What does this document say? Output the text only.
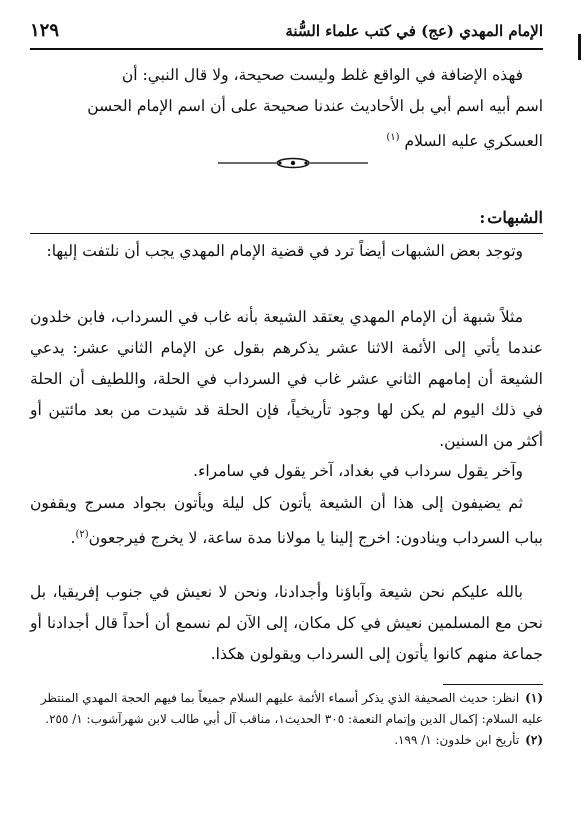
الإمام المهدي (عج) في كتب علماء السُّنة
١٢٩

فهذه الإضافة في الواقع غلط وليست صحيحة، ولا قال النبي: أن

اسم أبيه اسم أبي بل الأحاديث عندنا صحيحة على أن اسم الإمام الحسن

العسكري عليه السلام $^{(١)}$

الشبهات:

وتوجد بعض الشبهات أيضاً ترد في قضية الإمام المهدي يجب أن نلتفت إليها:

مثلاً شبهة أن الإمام المهدي يعتقد الشيعة بأنه غاب في السرداب، فابن خلدون عندما يأتي إلى الأئمة الاثنا عشر يذكرهم بقول عن الإمام الثاني عشر: يدعي الشيعة أن إمامهم الثاني عشر غاب في السرداب في الحلة، واللطيف أن الحلة في ذلك اليوم لم يكن لها وجود تأريخياً، فإن الحلة قد شيدت من بعد مائتين أو أكثر من السنين.

وآخر يقول سرداب في بغداد، آخر يقول في سامراء.

ثم يضيفون إلى هذا أن الشيعة يأتون كل ليلة ويأتون بجواد مسرج ويقفون بباب السرداب وينادون: اخرج إلينا يا مولانا مدة ساعة، لا يخرج فيرجعون$^{(٢)}$.

بالله عليكم نحن شيعة وآباؤنا وأجدادنا، ونحن لا نعيش في جنوب إفريقيا، بل نحن مع المسلمين نعيش في كل مكان، إلى الآن لم نسمع أن أحداً قال أجدادنا أو جماعة منهم كانوا يأتون إلى السرداب ويقولون هكذا.

(١)انظر: حديث الصحيفة الذي يذكر أسماء الأئمة عليهم السلام جميعاً بما فيهم الحجة المهدي المنتظر عليه السلام: إكمال الدين وإتمام النعمة: ٣٠٥ الحديث١، مناقب آل أبي طالب لابن شهرآشوب: ١/ ٢٥٥.

(٢)تأريخ ابن خلدون: ١/ ١٩٩.
